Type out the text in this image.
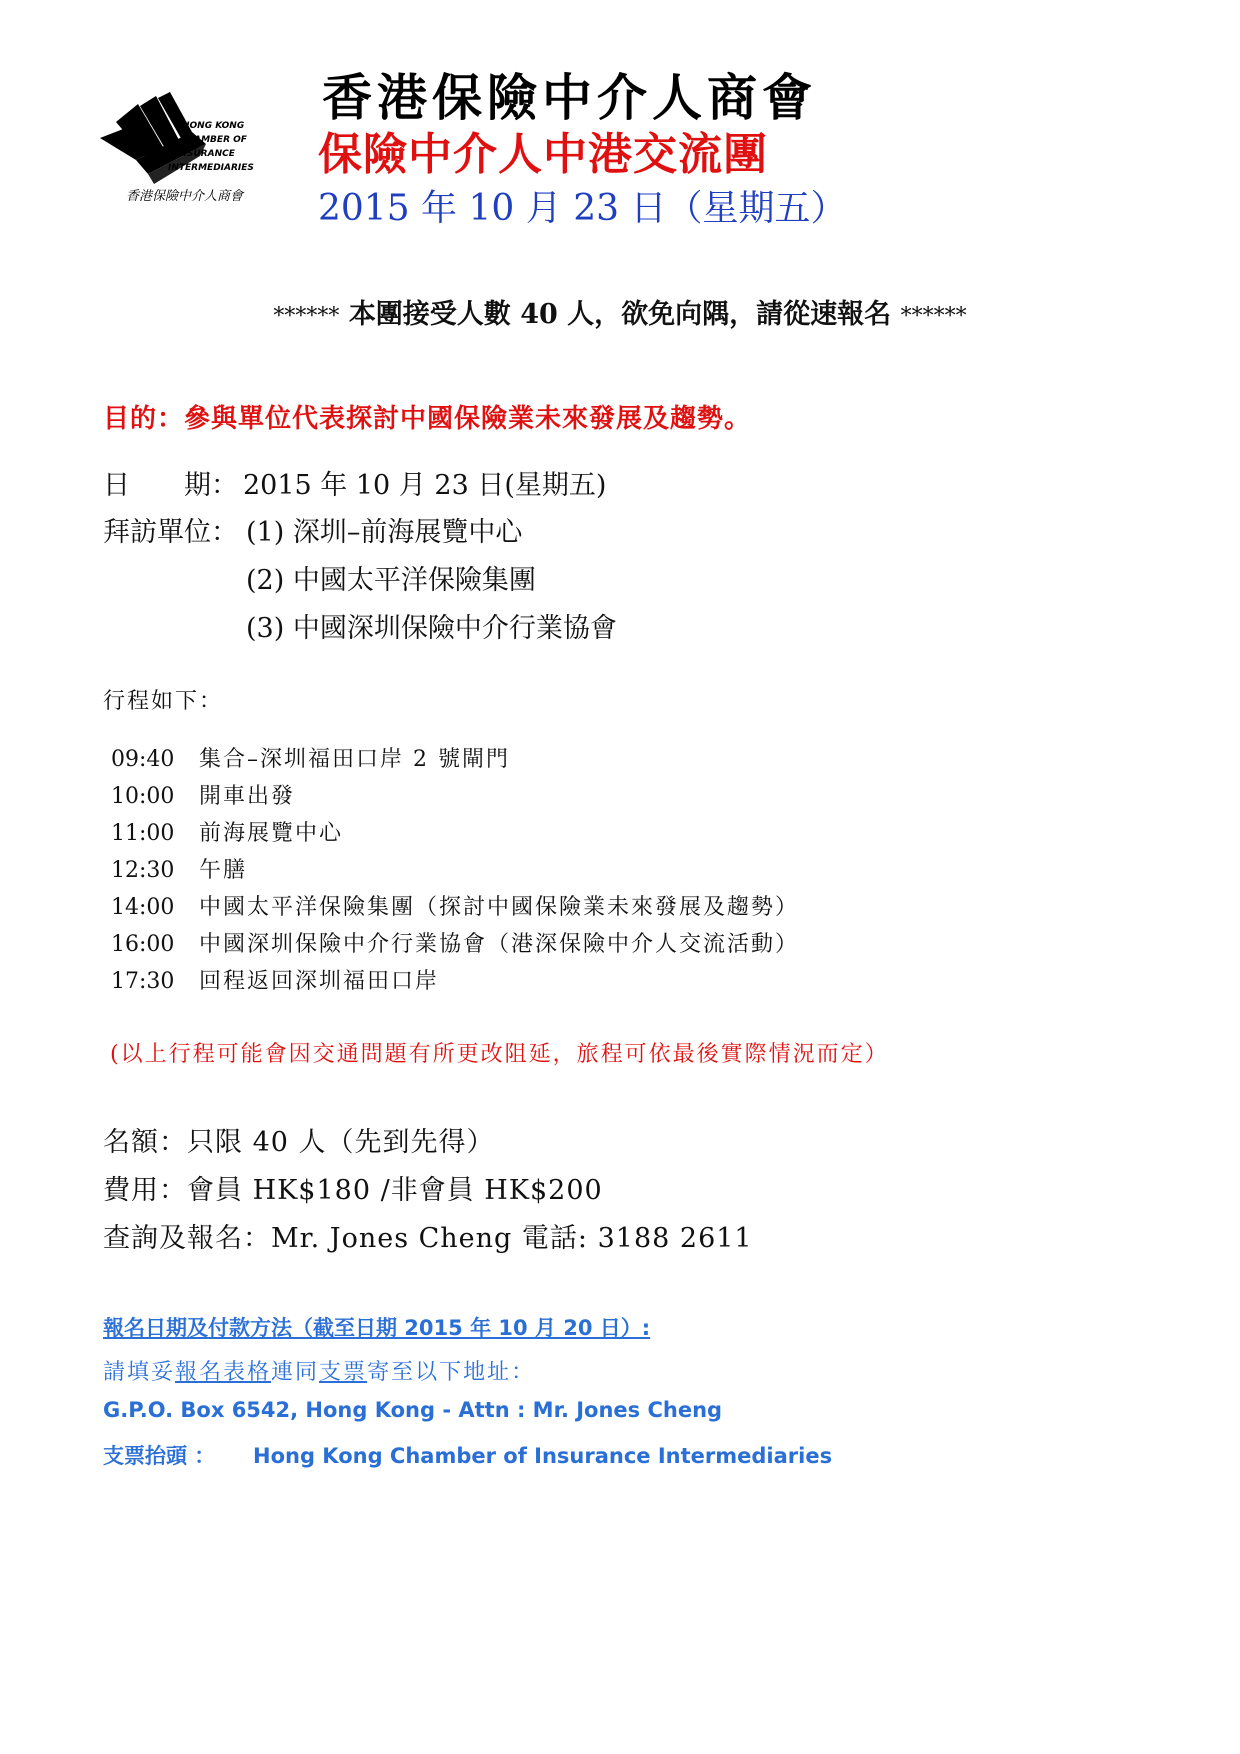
HONG KONG
CHAMBER OF
INSURANCE
INTERMEDIARIES
香港保險中介人商會
香港保險中介人商會
保險中介人中港交流團
2015 年 10 月 23 日（星期五）
****** 本團接受人數 40 人，欲免向隅，請從速報名 ******
目的：參與單位代表探討中國保險業未來發展及趨勢。
日　　期： 2015 年 10 月 23 日(星期五)
拜訪單位： (1) 深圳–前海展覽中心
(2) 中國太平洋保險集團
(3) 中國深圳保險中介行業協會
行程如下：
09:40 集合–深圳福田口岸 2 號閘門
10:00 開車出發
11:00 前海展覽中心
12:30 午膳
14:00 中國太平洋保險集團（探討中國保險業未來發展及趨勢）
16:00 中國深圳保險中介行業協會（港深保險中介人交流活動）
17:30 回程返回深圳福田口岸
(以上行程可能會因交通問題有所更改阻延，旅程可依最後實際情況而定）
名額：只限 40 人（先到先得）
費用：會員 HK$180 /非會員 HK$200
查詢及報名：Mr. Jones Cheng 電話: 3188 2611
報名日期及付款方法（截至日期 2015 年 10 月 20 日）:
請填妥報名表格連同支票寄至以下地址：
G.P.O. Box 6542, Hong Kong - Attn : Mr. Jones Cheng
支票抬頭 ： Hong Kong Chamber of Insurance Intermediaries
